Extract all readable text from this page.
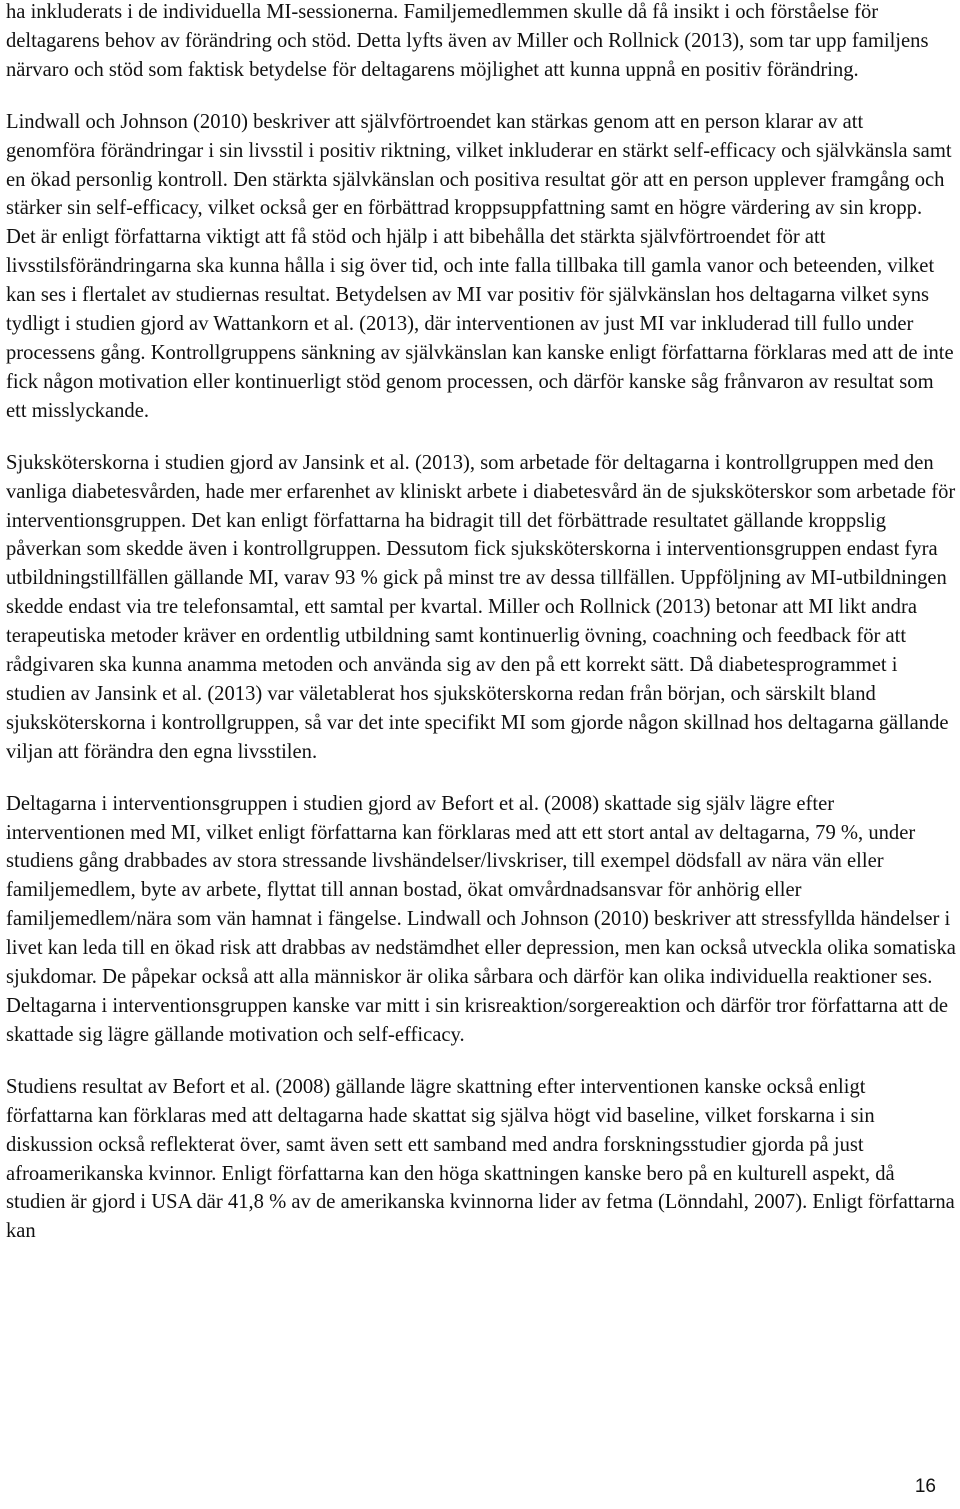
ha inkluderats i de individuella MI-sessionerna. Familjemedlemmen skulle då få insikt i och förståelse för deltagarens behov av förändring och stöd. Detta lyfts även av Miller och Rollnick (2013), som tar upp familjens närvaro och stöd som faktisk betydelse för deltagarens möjlighet att kunna uppnå en positiv förändring.

Lindwall och Johnson (2010) beskriver att självförtroendet kan stärkas genom att en person klarar av att genomföra förändringar i sin livsstil i positiv riktning, vilket inkluderar en stärkt self-efficacy och självkänsla samt en ökad personlig kontroll. Den stärkta självkänslan och positiva resultat gör att en person upplever framgång och stärker sin self-efficacy, vilket också ger en förbättrad kroppsuppfattning samt en högre värdering av sin kropp. Det är enligt författarna viktigt att få stöd och hjälp i att bibehålla det stärkta självförtroendet för att livsstilsförändringarna ska kunna hålla i sig över tid, och inte falla tillbaka till gamla vanor och beteenden, vilket kan ses i flertalet av studiernas resultat. Betydelsen av MI var positiv för självkänslan hos deltagarna vilket syns tydligt i studien gjord av Wattankorn et al. (2013), där interventionen av just MI var inkluderad till fullo under processens gång. Kontrollgruppens sänkning av självkänslan kan kanske enligt författarna förklaras med att de inte fick någon motivation eller kontinuerligt stöd genom processen, och därför kanske såg frånvaron av resultat som ett misslyckande.

Sjuksköterskorna i studien gjord av Jansink et al. (2013), som arbetade för deltagarna i kontrollgruppen med den vanliga diabetesvården, hade mer erfarenhet av kliniskt arbete i diabetesvård än de sjuksköterskor som arbetade för interventionsgruppen. Det kan enligt författarna ha bidragit till det förbättrade resultatet gällande kroppslig påverkan som skedde även i kontrollgruppen. Dessutom fick sjuksköterskorna i interventionsgruppen endast fyra utbildningstillfällen gällande MI, varav 93 % gick på minst tre av dessa tillfällen. Uppföljning av MI-utbildningen skedde endast via tre telefonsamtal, ett samtal per kvartal. Miller och Rollnick (2013) betonar att MI likt andra terapeutiska metoder kräver en ordentlig utbildning samt kontinuerlig övning, coachning och feedback för att rådgivaren ska kunna anamma metoden och använda sig av den på ett korrekt sätt. Då diabetesprogrammet i studien av Jansink et al. (2013) var väletablerat hos sjuksköterskorna redan från början, och särskilt bland sjuksköterskorna i kontrollgruppen, så var det inte specifikt MI som gjorde någon skillnad hos deltagarna gällande viljan att förändra den egna livsstilen.

Deltagarna i interventionsgruppen i studien gjord av Befort et al. (2008) skattade sig själv lägre efter interventionen med MI, vilket enligt författarna kan förklaras med att ett stort antal av deltagarna, 79 %, under studiens gång drabbades av stora stressande livshändelser/livskriser, till exempel dödsfall av nära vän eller familjemedlem, byte av arbete, flyttat till annan bostad, ökat omvårdnadsansvar för anhörig eller familjemedlem/nära som vän hamnat i fängelse. Lindwall och Johnson (2010) beskriver att stressfyllda händelser i livet kan leda till en ökad risk att drabbas av nedstämdhet eller depression, men kan också utveckla olika somatiska sjukdomar. De påpekar också att alla människor är olika sårbara och därför kan olika individuella reaktioner ses. Deltagarna i interventionsgruppen kanske var mitt i sin krisreaktion/sorgereaktion och därför tror författarna att de skattade sig lägre gällande motivation och self-efficacy.

Studiens resultat av Befort et al. (2008) gällande lägre skattning efter interventionen kanske också enligt författarna kan förklaras med att deltagarna hade skattat sig själva högt vid baseline, vilket forskarna i sin diskussion också reflekterat över, samt även sett ett samband med andra forskningsstudier gjorda på just afroamerikanska kvinnor. Enligt författarna kan den höga skattningen kanske bero på en kulturell aspekt, då studien är gjord i USA där 41,8 % av de amerikanska kvinnorna lider av fetma (Lönndahl, 2007). Enligt författarna kan

16
